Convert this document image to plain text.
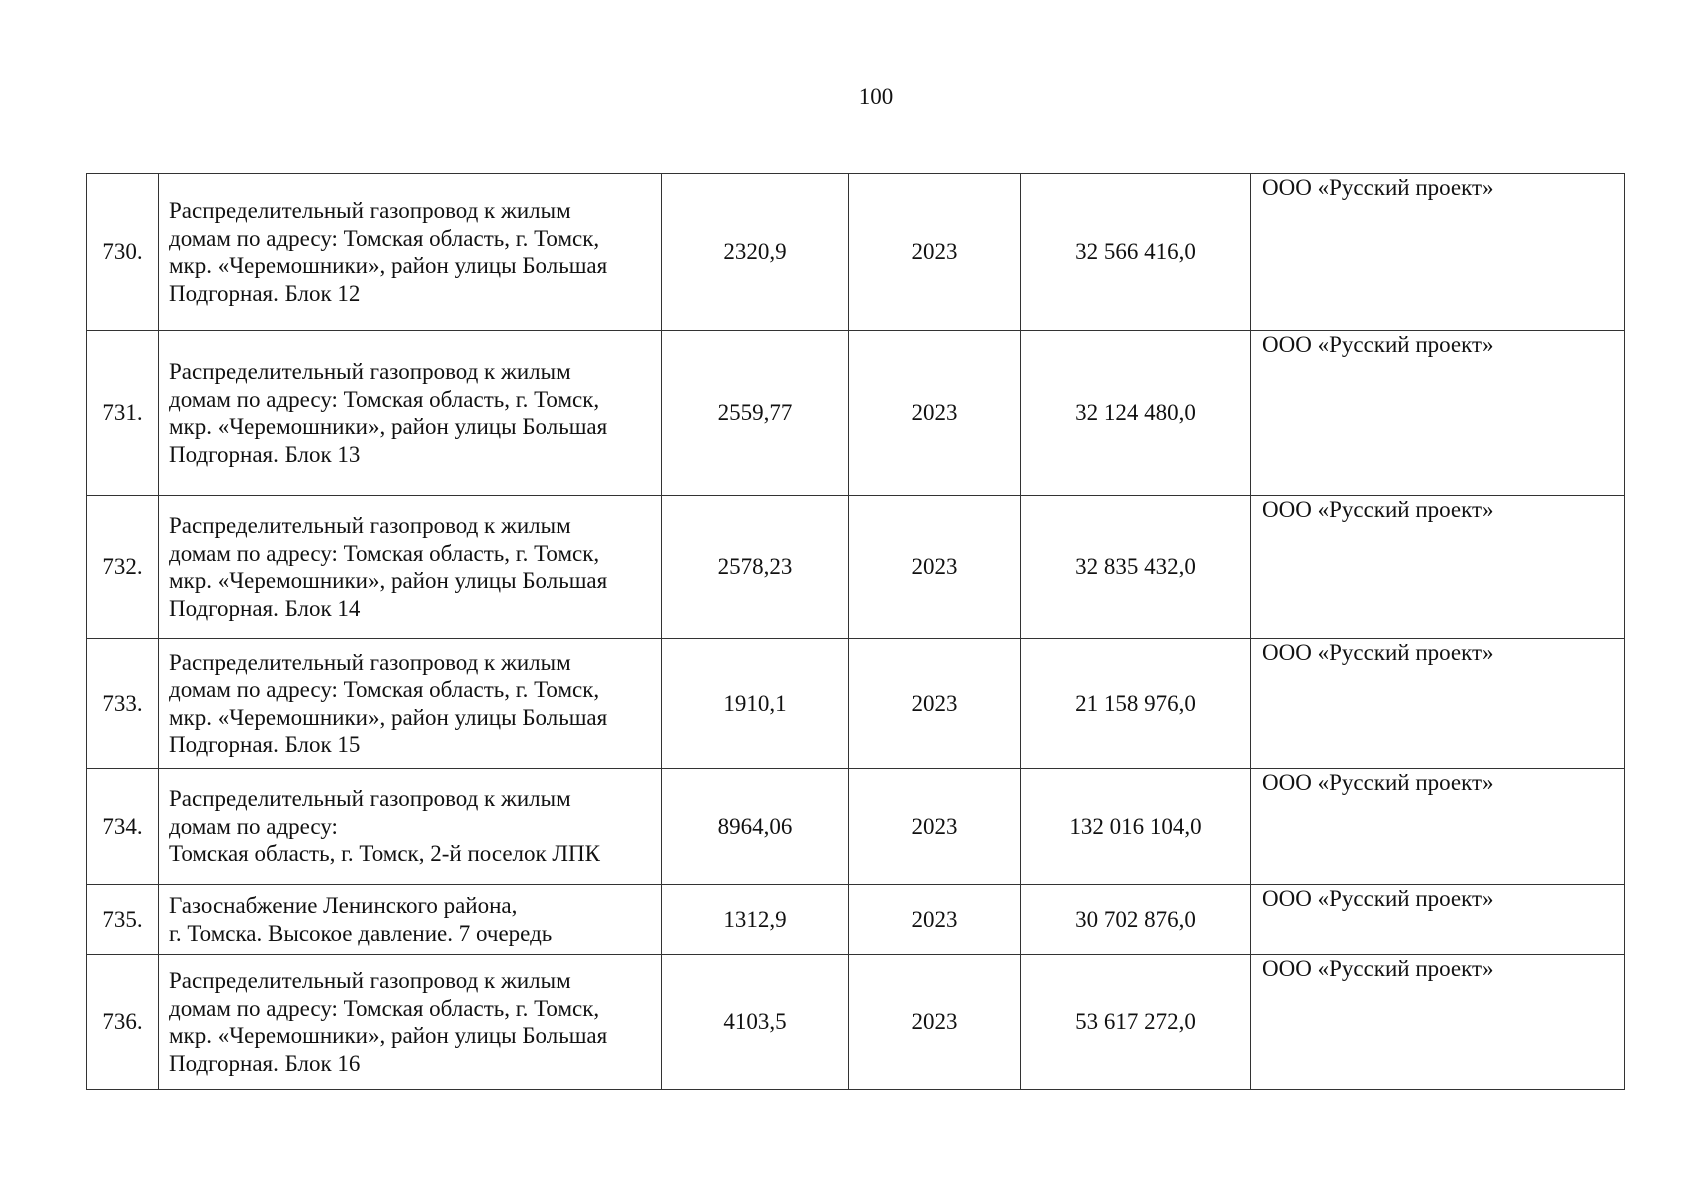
100
730.	Распределительный газопровод к жилым
домам по адресу: Томская область, г. Томск,
мкр. «Черемошники», район улицы Большая
Подгорная. Блок 12	2320,9	2023	32 566 416,0	ООО «Русский проект»
731.	Распределительный газопровод к жилым
домам по адресу: Томская область, г. Томск,
мкр. «Черемошники», район улицы Большая
Подгорная. Блок 13	2559,77	2023	32 124 480,0	ООО «Русский проект»
732.	Распределительный газопровод к жилым
домам по адресу: Томская область, г. Томск,
мкр. «Черемошники», район улицы Большая
Подгорная. Блок 14	2578,23	2023	32 835 432,0	ООО «Русский проект»
733.	Распределительный газопровод к жилым
домам по адресу: Томская область, г. Томск,
мкр. «Черемошники», район улицы Большая
Подгорная. Блок 15	1910,1	2023	21 158 976,0	ООО «Русский проект»
734.	Распределительный газопровод к жилым
домам по адресу:
Томская область, г. Томск, 2-й поселок ЛПК	8964,06	2023	132 016 104,0	ООО «Русский проект»
735.	Газоснабжение Ленинского района,
г. Томска. Высокое давление. 7 очередь	1312,9	2023	30 702 876,0	ООО «Русский проект»
736.	Распределительный газопровод к жилым
домам по адресу: Томская область, г. Томск,
мкр. «Черемошники», район улицы Большая
Подгорная. Блок 16	4103,5	2023	53 617 272,0	ООО «Русский проект»
